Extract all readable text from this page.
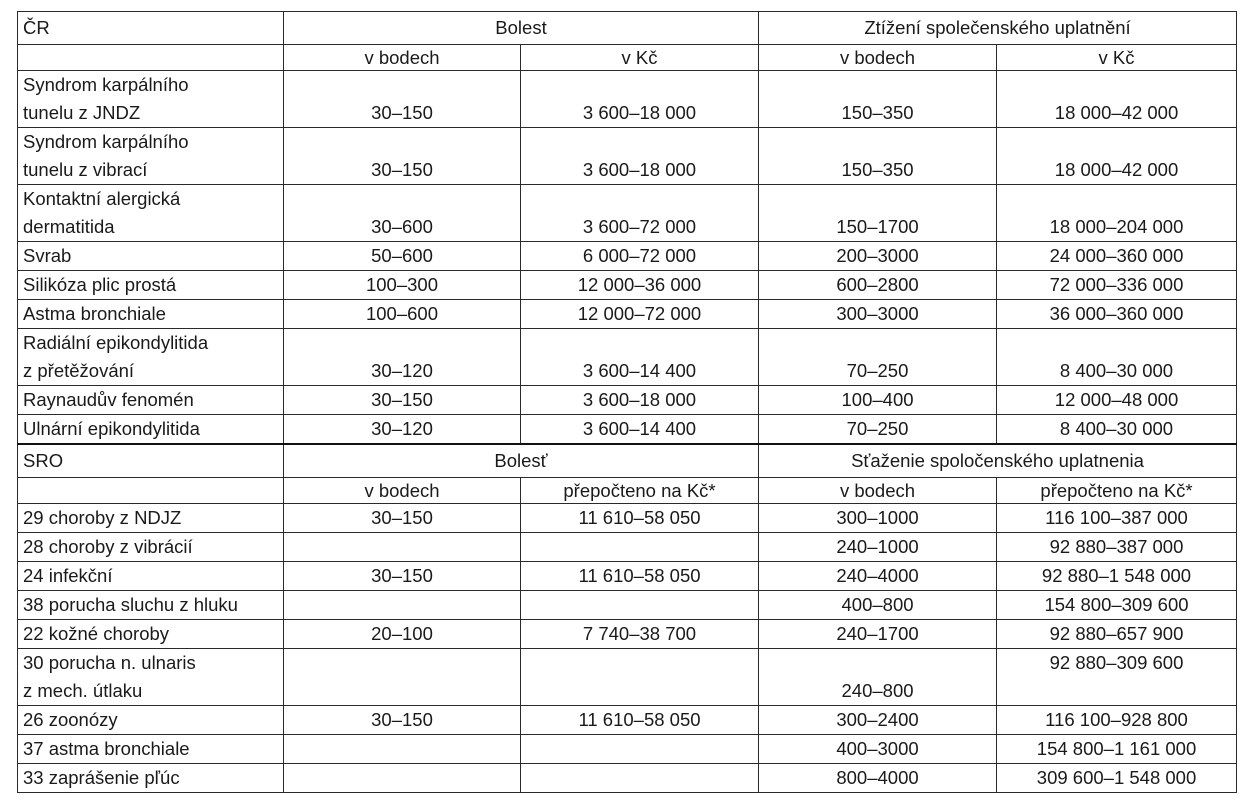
ČR	Bolest		Ztížení společenského uplatnění	
	v bodech	v Kč	v bodech	v Kč

Syndrom karpálního
tunelu z JNDZ	30–150	3 600–18 000	150–350	18 000–42 000

Syndrom karpálního
tunelu z vibrací	30–150	3 600–18 000	150–350	18 000–42 000

Kontaktní alergická
dermatitida	30–600	3 600–72 000	150–1700	18 000–204 000

Svrab	50–600	6 000–72 000	200–3000	24 000–360 000

Silikóza plic prostá	100–300	12 000–36 000	600–2800	72 000–336 000

Astma bronchiale	100–600	12 000–72 000	300–3000	36 000–360 000

Radiální epikondylitida
z přetěžování	30–120	3 600–14 400	70–250	8 400–30 000

Raynaudův fenomén	30–150	3 600–18 000	100–400	12 000–48 000

Ulnární epikondylitida	30–120	3 600–14 400	70–250	8 400–30 000
SRO	Bolesť		Sťaženie spoločenského uplatnenia	
	v bodech	přepočteno na Kč*	v bodech	přepočteno na Kč*

29 choroby z NDJZ	30–150	11 610–58 050	300–1000	116 100–387 000

28 choroby z vibrácií			240–1000	92 880–387 000

24 infekční	30–150	11 610–58 050	240–4000	92 880–1 548 000

38 porucha sluchu z hluku			400–800	154 800–309 600

22 kožné choroby	20–100	7 740–38 700	240–1700	92 880–657 900

30 porucha n. ulnaris
z mech. útlaku			240–800	92 880–309 600

26 zoonózy	30–150	11 610–58 050	300–2400	116 100–928 800

37 astma bronchiale			400–3000	154 800–1 161 000

33 zaprášenie pľúc			800–4000	309 600–1 548 000
